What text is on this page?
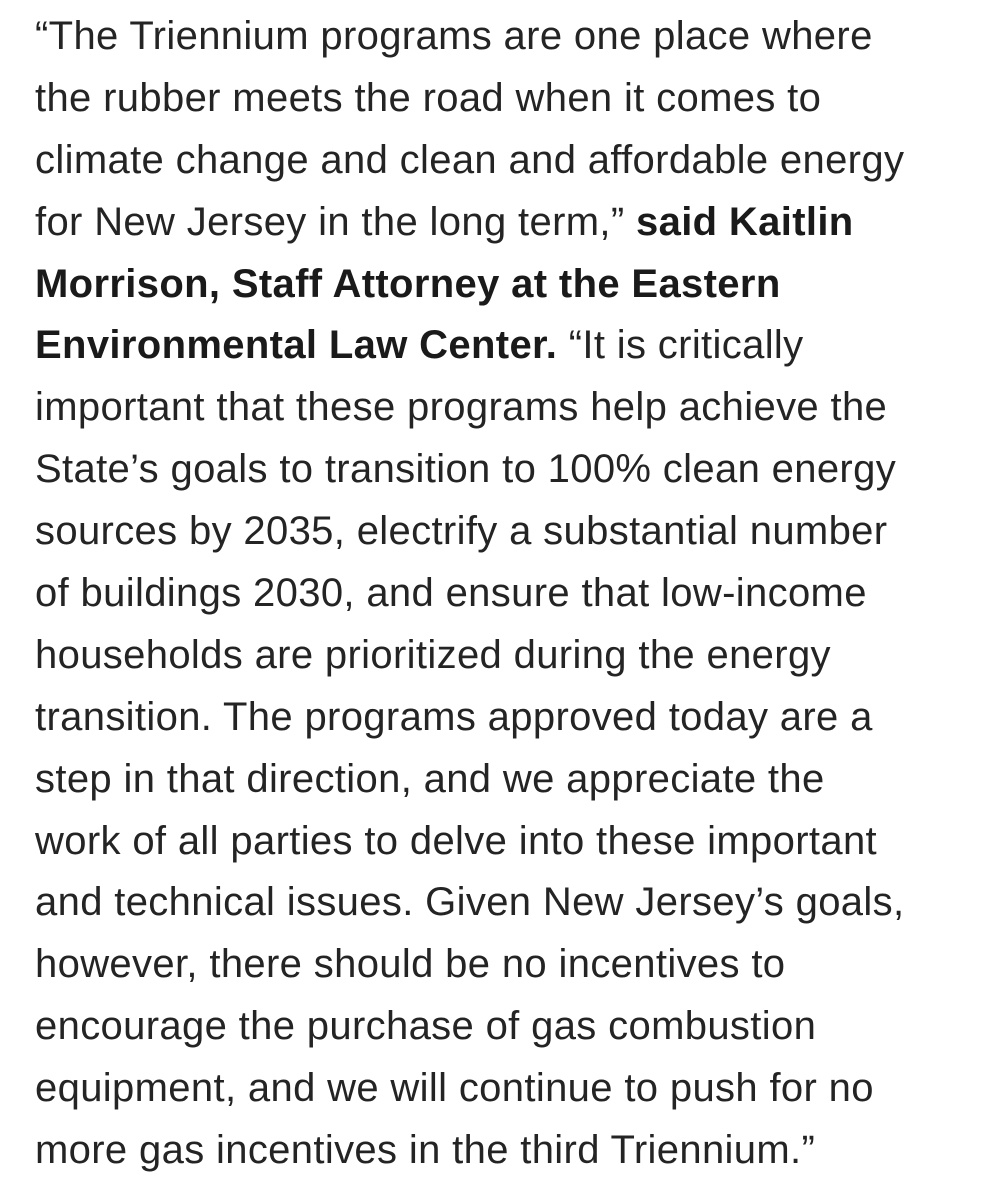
“The Triennium programs are one place where
the rubber meets the road when it comes to
climate change and clean and affordable energy
for New Jersey in the long term,” said Kaitlin
Morrison, Staff Attorney at the Eastern
Environmental Law Center. “It is critically
important that these programs help achieve the
State’s goals to transition to 100% clean energy
sources by 2035, electrify a substantial number
of buildings 2030, and ensure that low-income
households are prioritized during the energy
transition. The programs approved today are a
step in that direction, and we appreciate the
work of all parties to delve into these important
and technical issues. Given New Jersey’s goals,
however, there should be no incentives to
encourage the purchase of gas combustion
equipment, and we will continue to push for no
more gas incentives in the third Triennium.”
